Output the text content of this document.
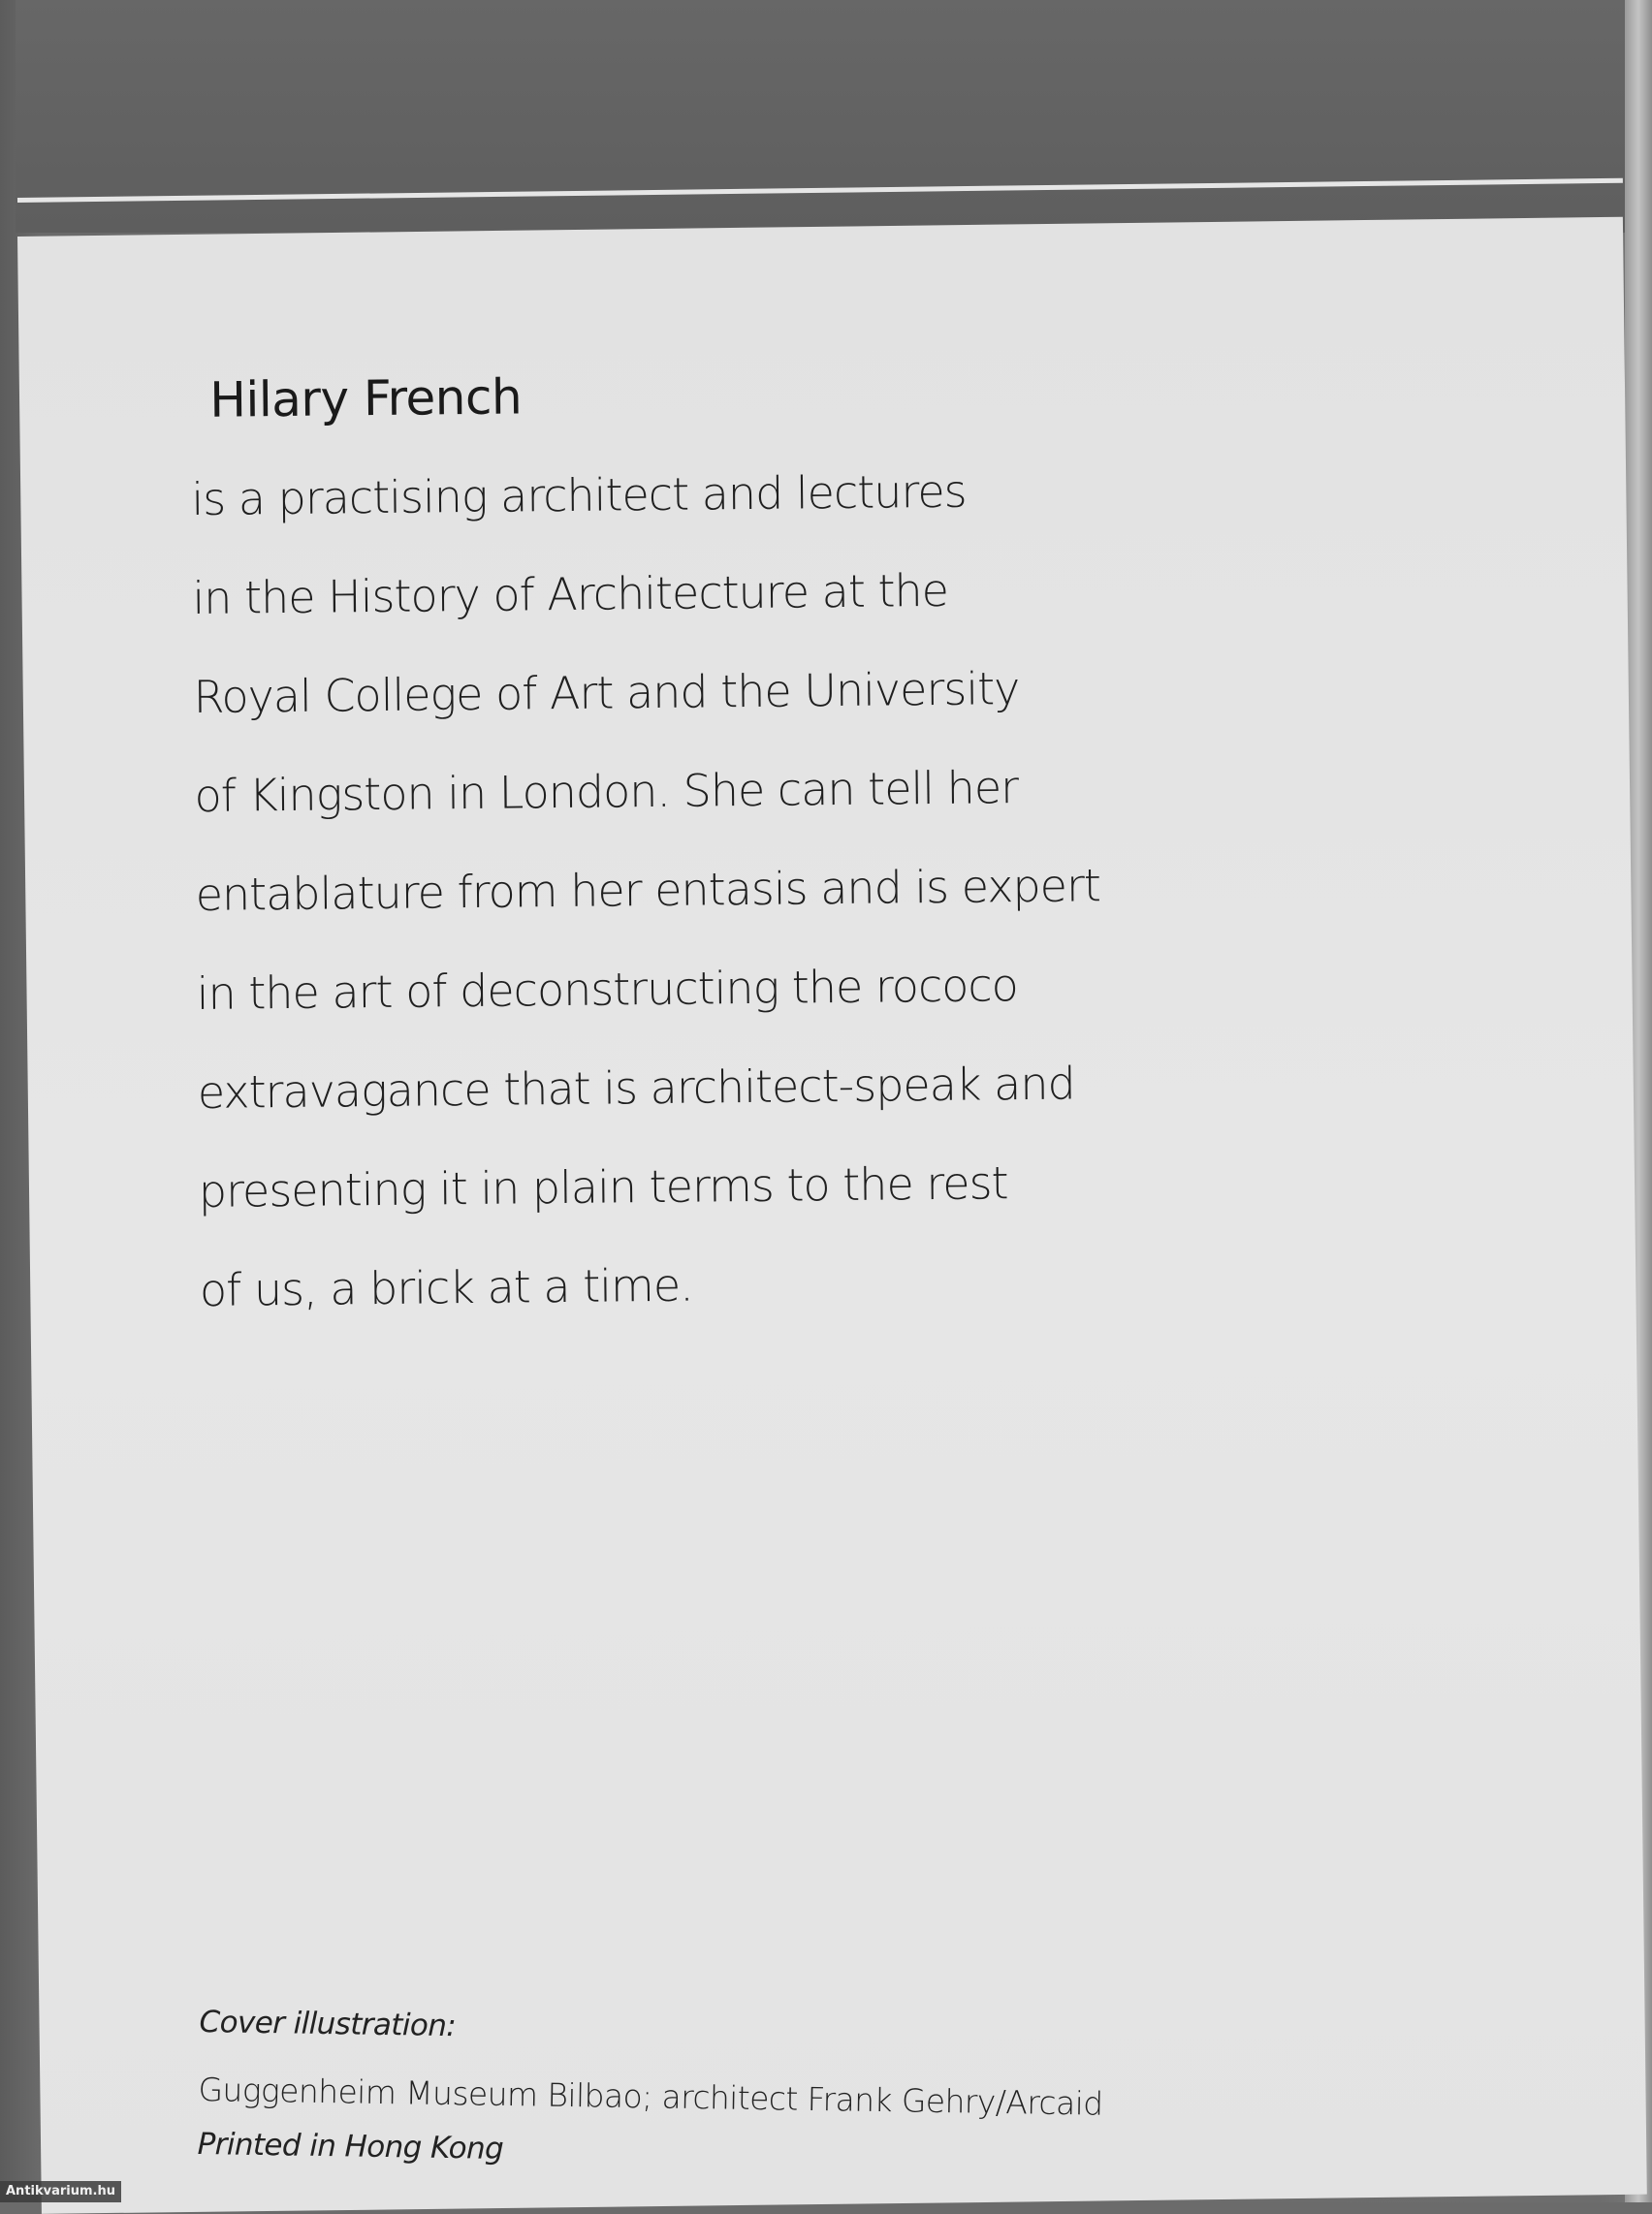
Hilary French
is a practising architect and lectures
in the History of Architecture at the
Royal College of Art and the University
of Kingston in London. She can tell her
entablature from her entasis and is expert
in the art of deconstructing the rococo
extravagance that is architect-speak and
presenting it in plain terms to the rest
of us, a brick at a time.
Cover illustration:
Guggenheim Museum Bilbao; architect Frank Gehry/Arcaid
Printed in Hong Kong
Antikvarium.hu
